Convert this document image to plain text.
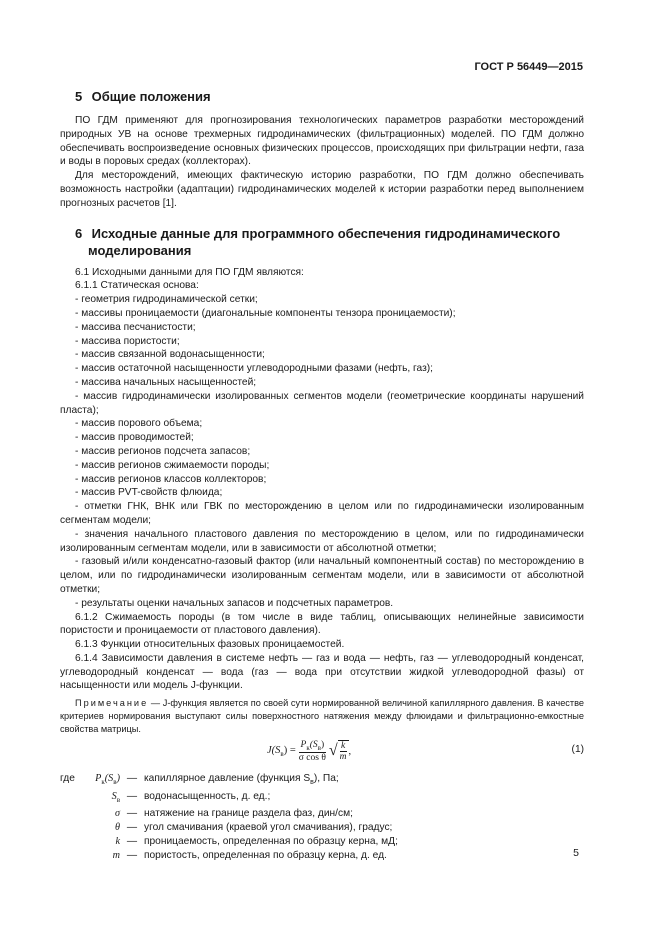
ГОСТ Р 56449—2015
5 Общие положения

ПО ГДМ применяют для прогнозирования технологических параметров разработки месторождений природных УВ на основе трехмерных гидродинамических (фильтрационных) моделей. ПО ГДМ должно обеспечивать воспроизведение основных физических процессов, происходящих при фильтрации нефти, газа и воды в поровых средах (коллекторах).

Для месторождений, имеющих фактическую историю разработки, ПО ГДМ должно обеспечивать возможность настройки (адаптации) гидродинамических моделей к истории разработки перед выполнением прогнозных расчетов [1].

6 Исходные данные для программного обеспечения гидродинамического
моделирования

6.1 Исходными данными для ПО ГДМ являются:

6.1.1 Статическая основа:

- геометрия гидродинамической сетки;

- массивы проницаемости (диагональные компоненты тензора проницаемости);

- массива песчанистости;

- массива пористости;

- массив связанной водонасыщенности;

- массив остаточной насыщенности углеводородными фазами (нефть, газ);

- массива начальных насыщенностей;

- массив гидродинамически изолированных сегментов модели (геометрические координаты нарушений пласта);

- массив порового объема;

- массив проводимостей;

- массив регионов подсчета запасов;

- массив регионов сжимаемости породы;

- массив регионов классов коллекторов;

- массив PVT-свойств флюида;

- отметки ГНК, ВНК или ГВК по месторождению в целом или по гидродинамически изолированным сегментам модели;

- значения начального пластового давления по месторождению в целом, или по гидродинамически изолированным сегментам модели, или в зависимости от абсолютной отметки;

- газовый и/или конденсатно-газовый фактор (или начальный компонентный состав) по месторождению в целом, или по гидродинамически изолированным сегментам модели, или в зависимости от абсолютной отметки;

- результаты оценки начальных запасов и подсчетных параметров.

6.1.2 Сжимаемость породы (в том числе в виде таблиц, описывающих нелинейные зависимости пористости и проницаемости от пластового давления).

6.1.3 Функции относительных фазовых проницаемостей.

6.1.4 Зависимости давления в системе нефть — газ и вода — нефть, газ — углеводородный конденсат, углеводородный конденсат — вода (газ — вода при отсутствии жидкой углеводородной фазы) от насыщенности или модель J-функции.

Примечание — J-функция является по своей сути нормированной величиной капиллярного давления. В качестве критериев нормирования выступают силы поверхностного натяжения между флюидами и фильтрационно-емкостные свойства матрицы.

$J(S_в) = \frac{P_к(S_в)}{\text{σ cos θ}}$ √ $\frac{k}{m}$ ,	(1)
где	$P_к(S_в)$ — капиллярное давление (функция $S_в$), Па;
$S_в$ — водонасыщенность, д. ед.;
σ — натяжение на границе раздела фаз, дин/см;
θ — угол смачивания (краевой угол смачивания), градус;
k — проницаемость, определенная по образцу керна, мД;
m — пористость, определенная по образцу керна, д. ед.	5
